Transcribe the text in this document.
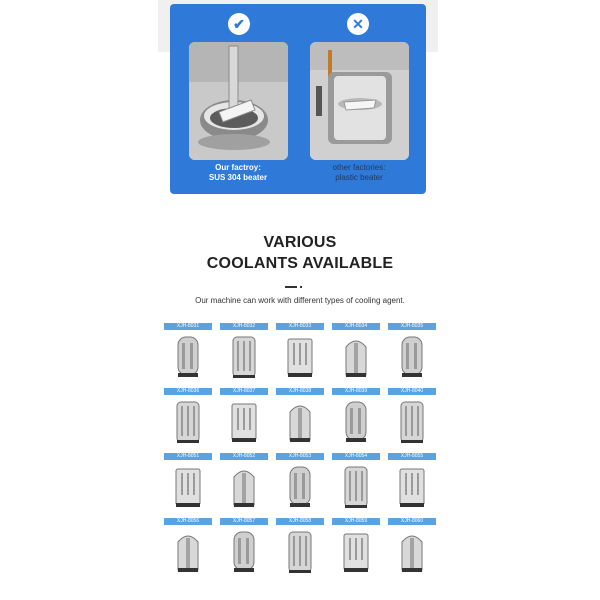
✔	✕
Our factroy:
SUS 304 beater
other factories:
plastic beater
VARIOUS
COOLANTS AVAILABLE
Our machine can work with different types of cooling agent.
XJH-8031	XJH-8032	XJH-8033	XJH-8034	XJH-8035
XJH-8036	XJH-8037	XJH-8038	XJH-8039	XJH-8040
XJH-8051	XJH-8052	XJH-8053	XJH-8054	XJH-8055
XJH-8056	XJH-8057	XJH-8058	XJH-8059	XJH-8060
